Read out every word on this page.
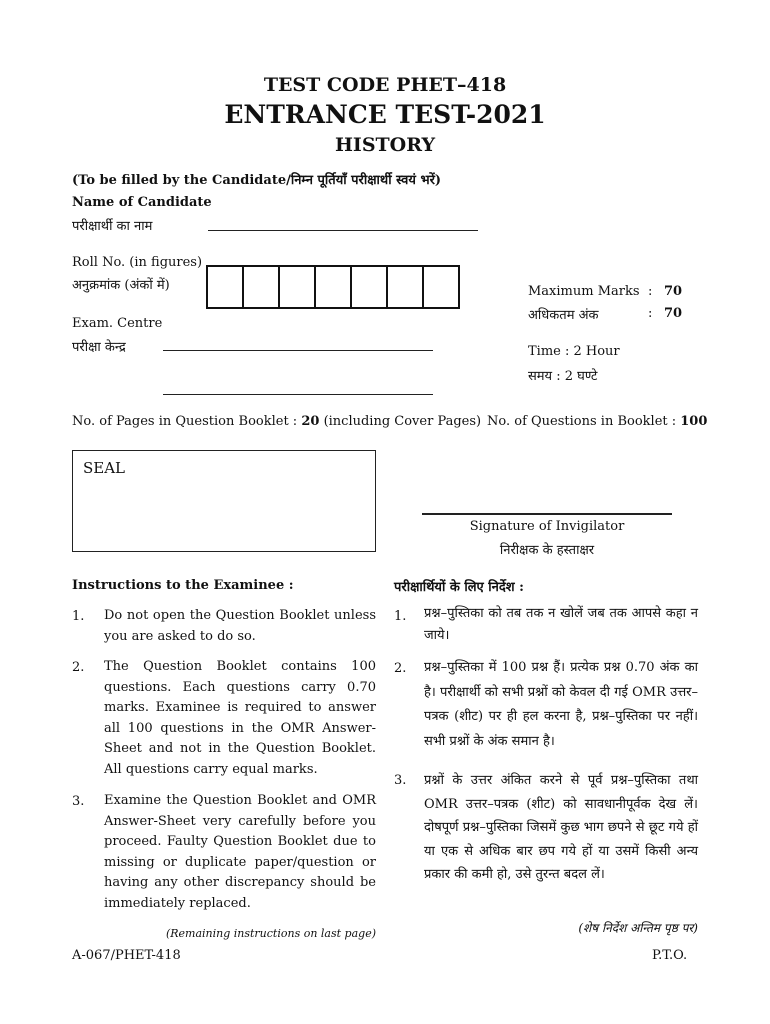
TEST CODE PHET–418
ENTRANCE TEST-2021
HISTORY
(To be filled by the Candidate/निम्न पूर्तियाँ परीक्षार्थी स्वयं भरें)
Name of Candidate
परीक्षार्थी का नाम
Roll No. (in figures)
अनुक्रमांक (अंकों में)
Exam. Centre
परीक्षा केन्द्र
Maximum Marks : 70
अधिकतम अंक	: 70
Time : 2 Hour
समय : 2 घण्टे
No. of Pages in Question Booklet : 20 (including Cover Pages) No. of Questions in Booklet : 100
SEAL
Signature of Invigilator
निरीक्षक के हस्ताक्षर
Instructions to the Examinee :
1. Do not open the Question Booklet unless you are asked to do so.
2. The Question Booklet contains 100 questions. Each questions carry 0.70 marks. Examinee is required to answer all 100 questions in the OMR Answer-Sheet and not in the Question Booklet. All questions carry equal marks.
3. Examine the Question Booklet and OMR Answer-Sheet very carefully before you proceed. Faulty Question Booklet due to missing or duplicate paper/question or having any other discrepancy should be immediately replaced.
(Remaining instructions on last page)
परीक्षार्थियों के लिए निर्देश :
1. प्रश्न–पुस्तिका को तब तक न खोलें जब तक आपसे कहा न जाये।
2. प्रश्न–पुस्तिका में 100 प्रश्न हैं। प्रत्येक प्रश्न 0.70 अंक का है। परीक्षार्थी को सभी प्रश्नों को केवल दी गई OMR उत्तर–पत्रक (शीट) पर ही हल करना है, प्रश्न–पुस्तिका पर नहीं। सभी प्रश्नों के अंक समान है।
3. प्रश्नों के उत्तर अंकित करने से पूर्व प्रश्न–पुस्तिका तथा OMR उत्तर–पत्रक (शीट) को सावधानीपूर्वक देख लें। दोषपूर्ण प्रश्न–पुस्तिका जिसमें कुछ भाग छपने से छूट गये हों या एक से अधिक बार छप गये हों या उसमें किसी अन्य प्रकार की कमी हो, उसे तुरन्त बदल लें।
(शेष निर्देश अन्तिम पृष्ठ पर)
A-067/PHET-418	P.T.O.
